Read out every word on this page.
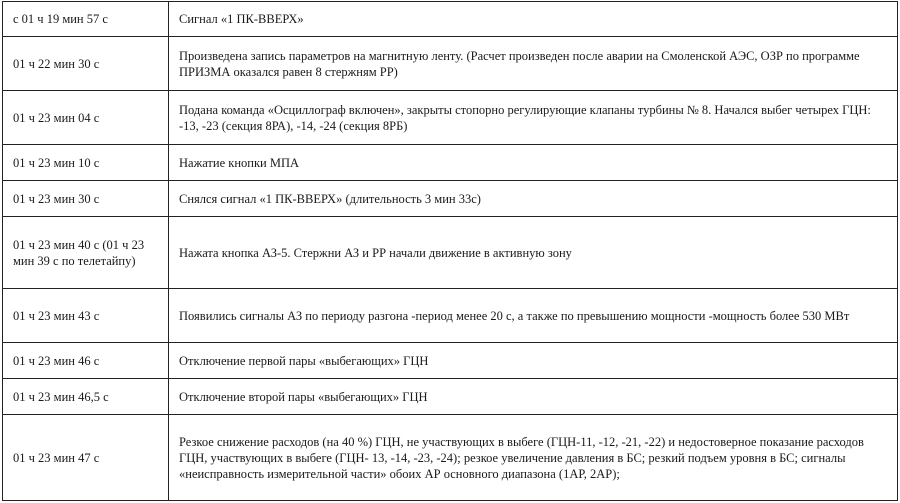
с 01 ч 19 мин 57 с	Сигнал «1 ПК-ВВЕРХ»
01 ч 22 мин 30 с	Произведена запись параметров на магнитную ленту. (Расчет произведен после аварии на Смоленской АЭС, ОЗР по программе ПРИЗМА оказался равен 8 стержням РР)
01 ч 23 мин 04 с	Подана команда «Осциллограф включен», закрыты стопорно регулирующие клапаны турбины № 8. Начался выбег четырех ГЦН: -13, -23 (секция 8РА), -14, -24 (секция 8РБ)
01 ч 23 мин 10 с	Нажатие кнопки МПА
01 ч 23 мин 30 с	Снялся сигнал «1 ПК-ВВЕРХ» (длительность 3 мин 33с)
01 ч 23 мин 40 с (01 ч 23 мин 39 с по телетайпу)	Нажата кнопка АЗ-5. Стержни АЗ и РР начали движение в активную зону
01 ч 23 мин 43 с	Появились сигналы АЗ по периоду разгона -период менее 20 с, а также по превышению мощности -мощность более 530 МВт
01 ч 23 мин 46 с	Отключение первой пары «выбегающих» ГЦН
01 ч 23 мин 46,5 с	Отключение второй пары «выбегающих» ГЦН
01 ч 23 мин 47 с	Резкое снижение расходов (на 40 %) ГЦН, не участвующих в выбеге (ГЦН-11, -12, -21, -22) и недостоверное показание расходов ГЦН, участвующих в выбеге (ГЦН- 13, -14, -23, -24); резкое увеличение давления в БС; резкий подъем уровня в БС; сигналы «неисправность измерительной части» обоих АР основного диапазона (1АР, 2АР);
